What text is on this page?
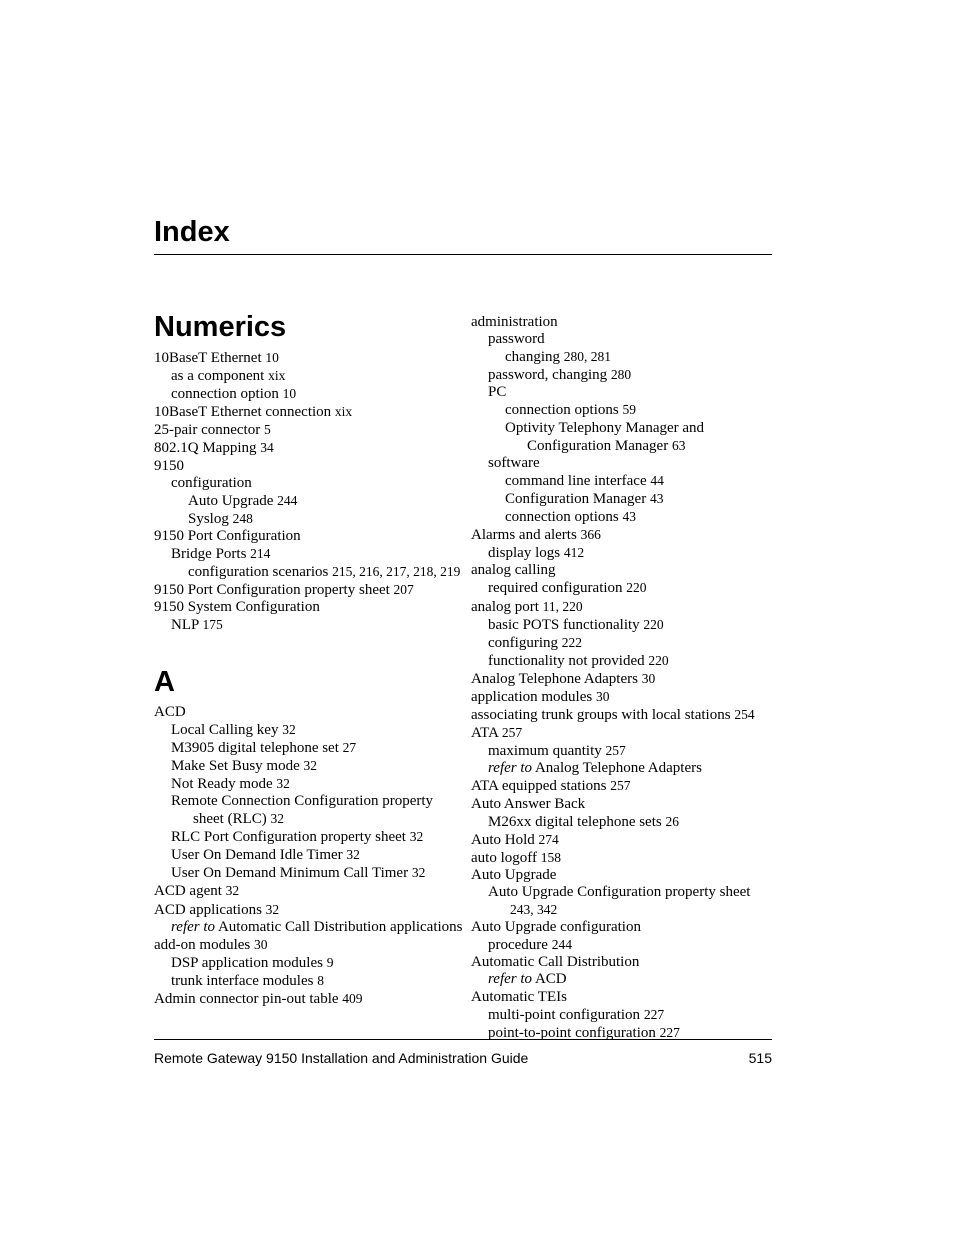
Index
Numerics
10BaseT Ethernet 10
as a component xix
connection option 10
10BaseT Ethernet connection xix
25-pair connector 5
802.1Q Mapping 34
9150
configuration
Auto Upgrade 244
Syslog 248
9150 Port Configuration
Bridge Ports 214
configuration scenarios 215, 216, 217, 218, 219
9150 Port Configuration property sheet 207
9150 System Configuration
NLP 175
A
ACD
Local Calling key 32
M3905 digital telephone set 27
Make Set Busy mode 32
Not Ready mode 32
Remote Connection Configuration property sheet (RLC) 32
RLC Port Configuration property sheet 32
User On Demand Idle Timer 32
User On Demand Minimum Call Timer 32
ACD agent 32
ACD applications 32
refer to Automatic Call Distribution applications
add-on modules 30
DSP application modules 9
trunk interface modules 8
Admin connector pin-out table 409
administration
password
changing 280, 281
password, changing 280
PC
connection options 59
Optivity Telephony Manager and Configuration Manager 63
software
command line interface 44
Configuration Manager 43
connection options 43
Alarms and alerts 366
display logs 412
analog calling
required configuration 220
analog port 11, 220
basic POTS functionality 220
configuring 222
functionality not provided 220
Analog Telephone Adapters 30
application modules 30
associating trunk groups with local stations 254
ATA 257
maximum quantity 257
refer to Analog Telephone Adapters
ATA equipped stations 257
Auto Answer Back
M26xx digital telephone sets 26
Auto Hold 274
auto logoff 158
Auto Upgrade
Auto Upgrade Configuration property sheet 243, 342
Auto Upgrade configuration
procedure 244
Automatic Call Distribution
refer to ACD
Automatic TEIs
multi-point configuration 227
point-to-point configuration 227
Remote Gateway 9150 Installation and Administration Guide	515
